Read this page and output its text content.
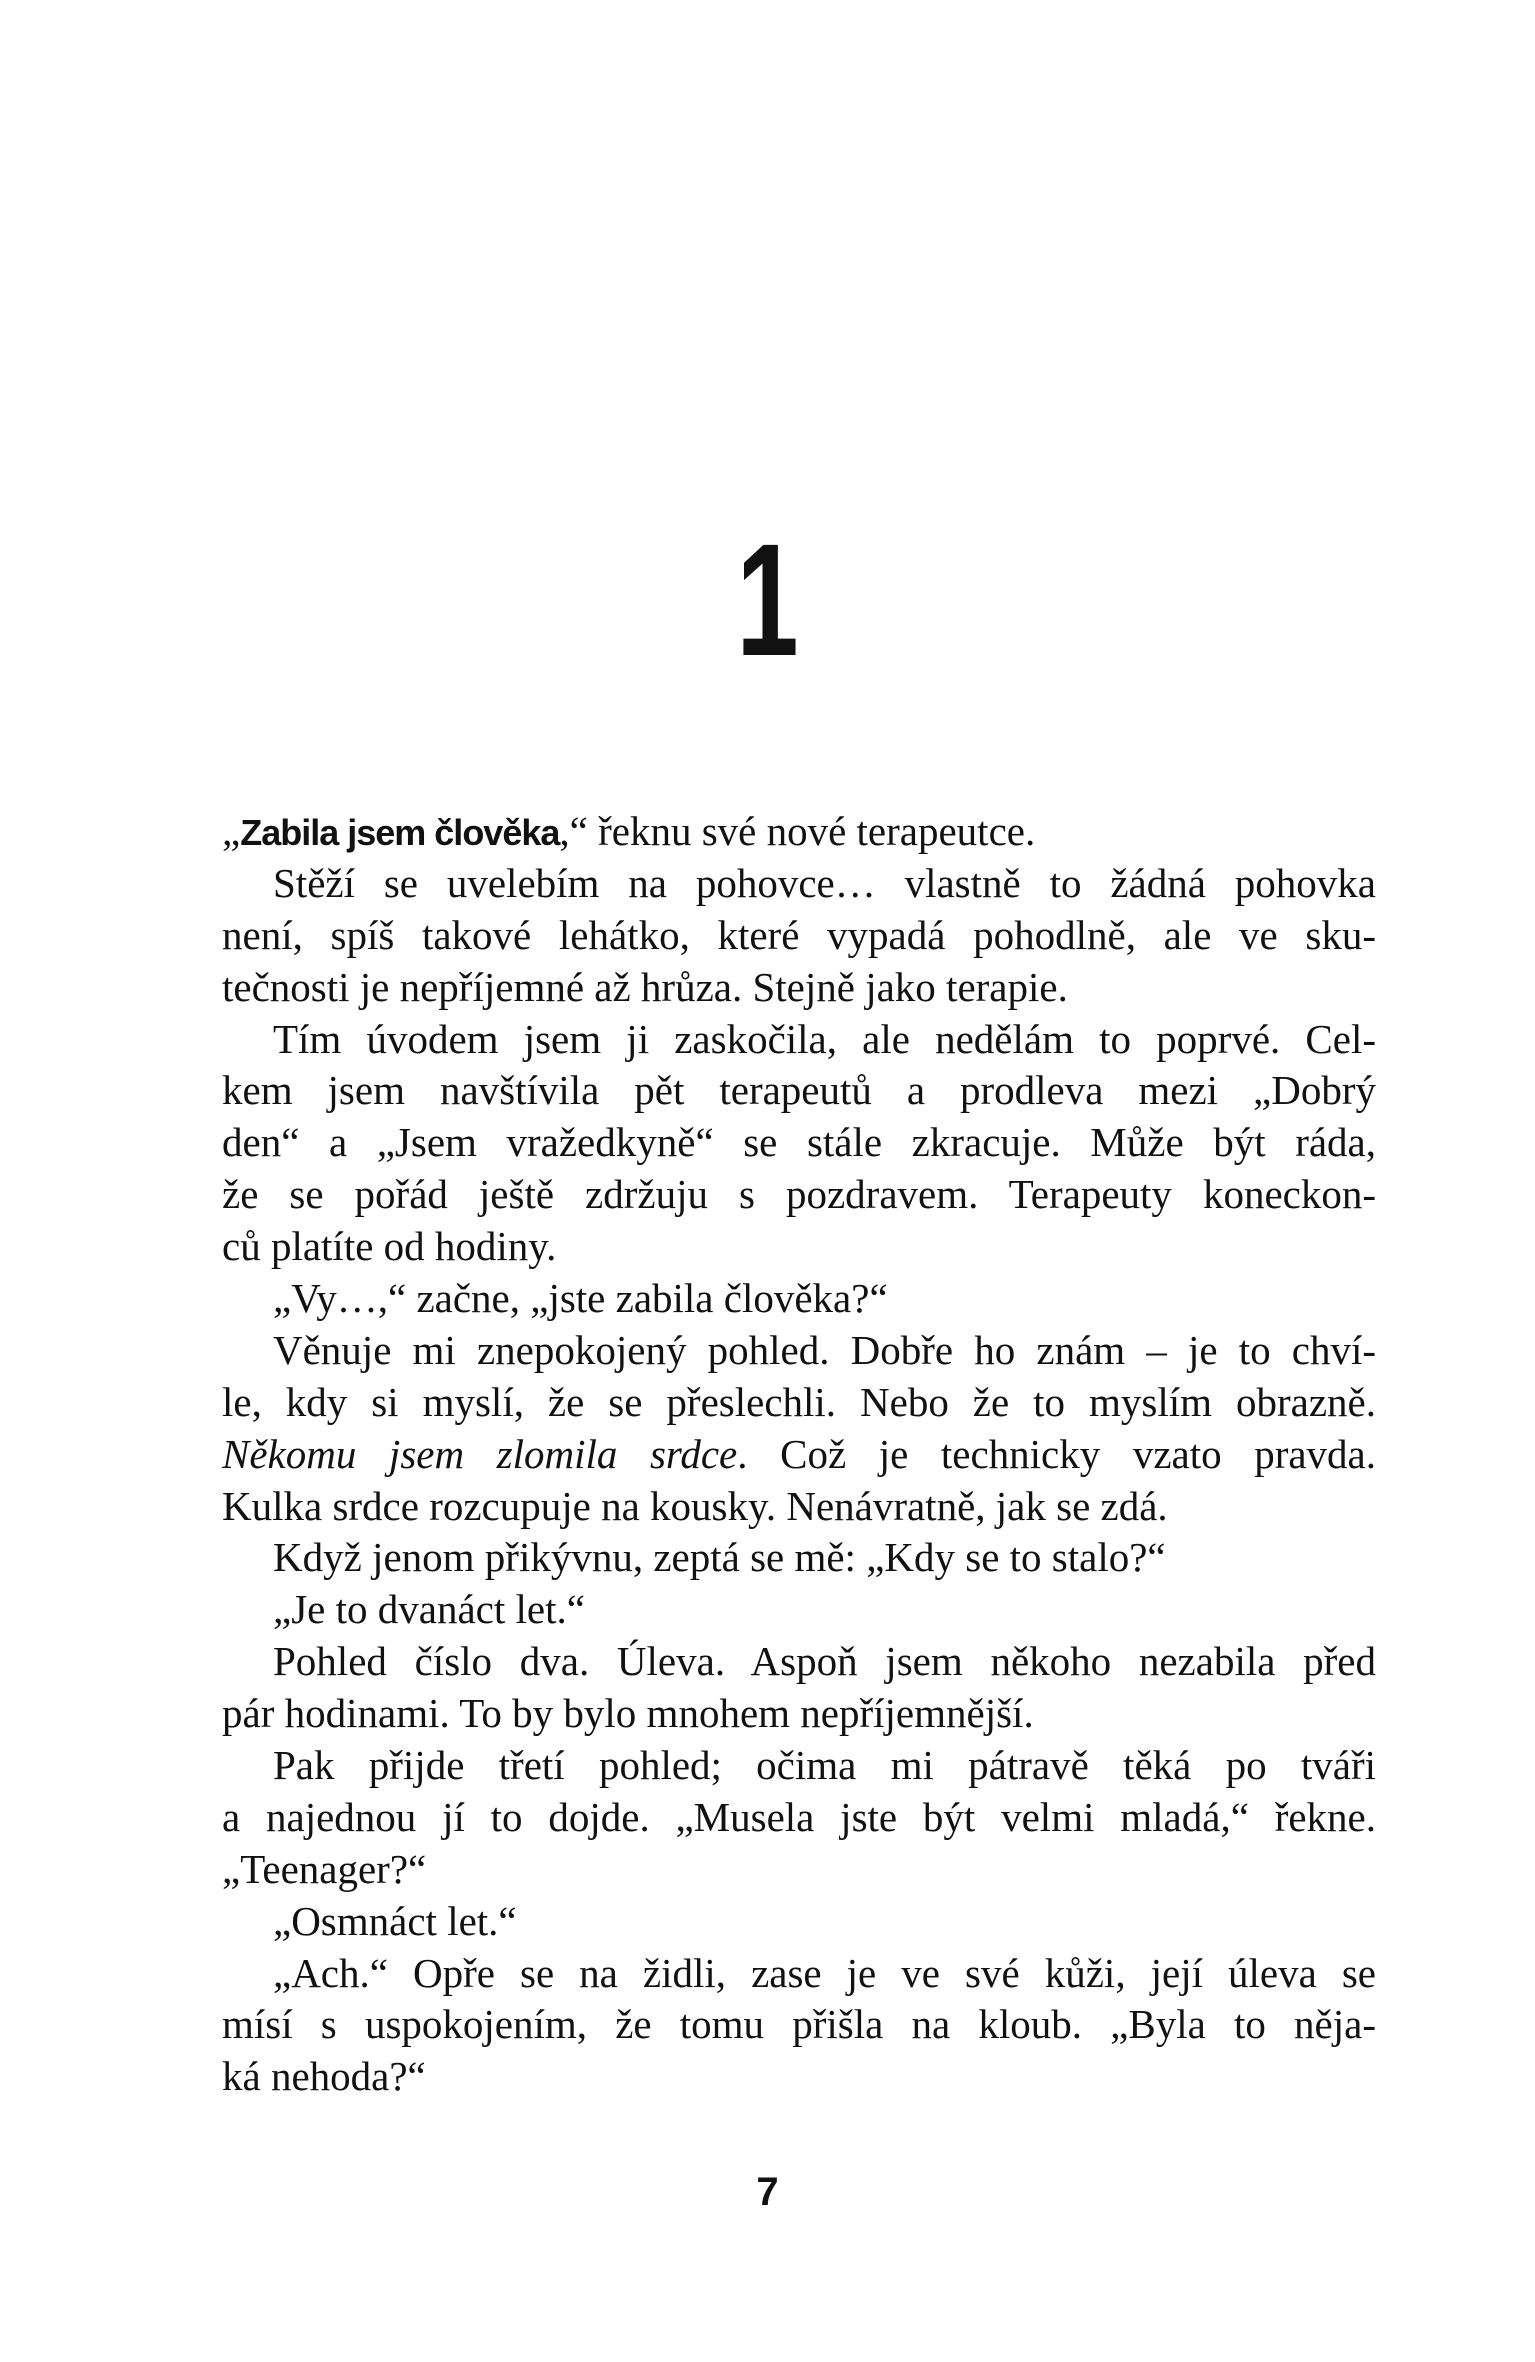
1
„Zabila jsem člověka,“ řeknu své nové terapeutce.
Stěží se uvelebím na pohovce… vlastně to žádná pohovka
není, spíš takové lehátko, které vypadá pohodlně, ale ve sku-
tečnosti je nepříjemné až hrůza. Stejně jako terapie.
Tím úvodem jsem ji zaskočila, ale nedělám to poprvé. Cel-
kem jsem navštívila pět terapeutů a prodleva mezi „Dobrý
den“ a „Jsem vražedkyně“ se stále zkracuje. Může být ráda,
že se pořád ještě zdržuju s pozdravem. Terapeuty koneckon-
ců platíte od hodiny.
„Vy…,“ začne, „jste zabila člověka?“
Věnuje mi znepokojený pohled. Dobře ho znám – je to chví-
le, kdy si myslí, že se přeslechli. Nebo že to myslím obrazně.
Někomu jsem zlomila srdce. Což je technicky vzato pravda.
Kulka srdce rozcupuje na kousky. Nenávratně, jak se zdá.
Když jenom přikývnu, zeptá se mě: „Kdy se to stalo?“
„Je to dvanáct let.“
Pohled číslo dva. Úleva. Aspoň jsem někoho nezabila před
pár hodinami. To by bylo mnohem nepříjemnější.
Pak přijde třetí pohled; očima mi pátravě těká po tváři
a najednou jí to dojde. „Musela jste být velmi mladá,“ řekne.
„Teenager?“
„Osmnáct let.“
„Ach.“ Opře se na židli, zase je ve své kůži, její úleva se
mísí s uspokojením, že tomu přišla na kloub. „Byla to něja-
ká nehoda?“
7
